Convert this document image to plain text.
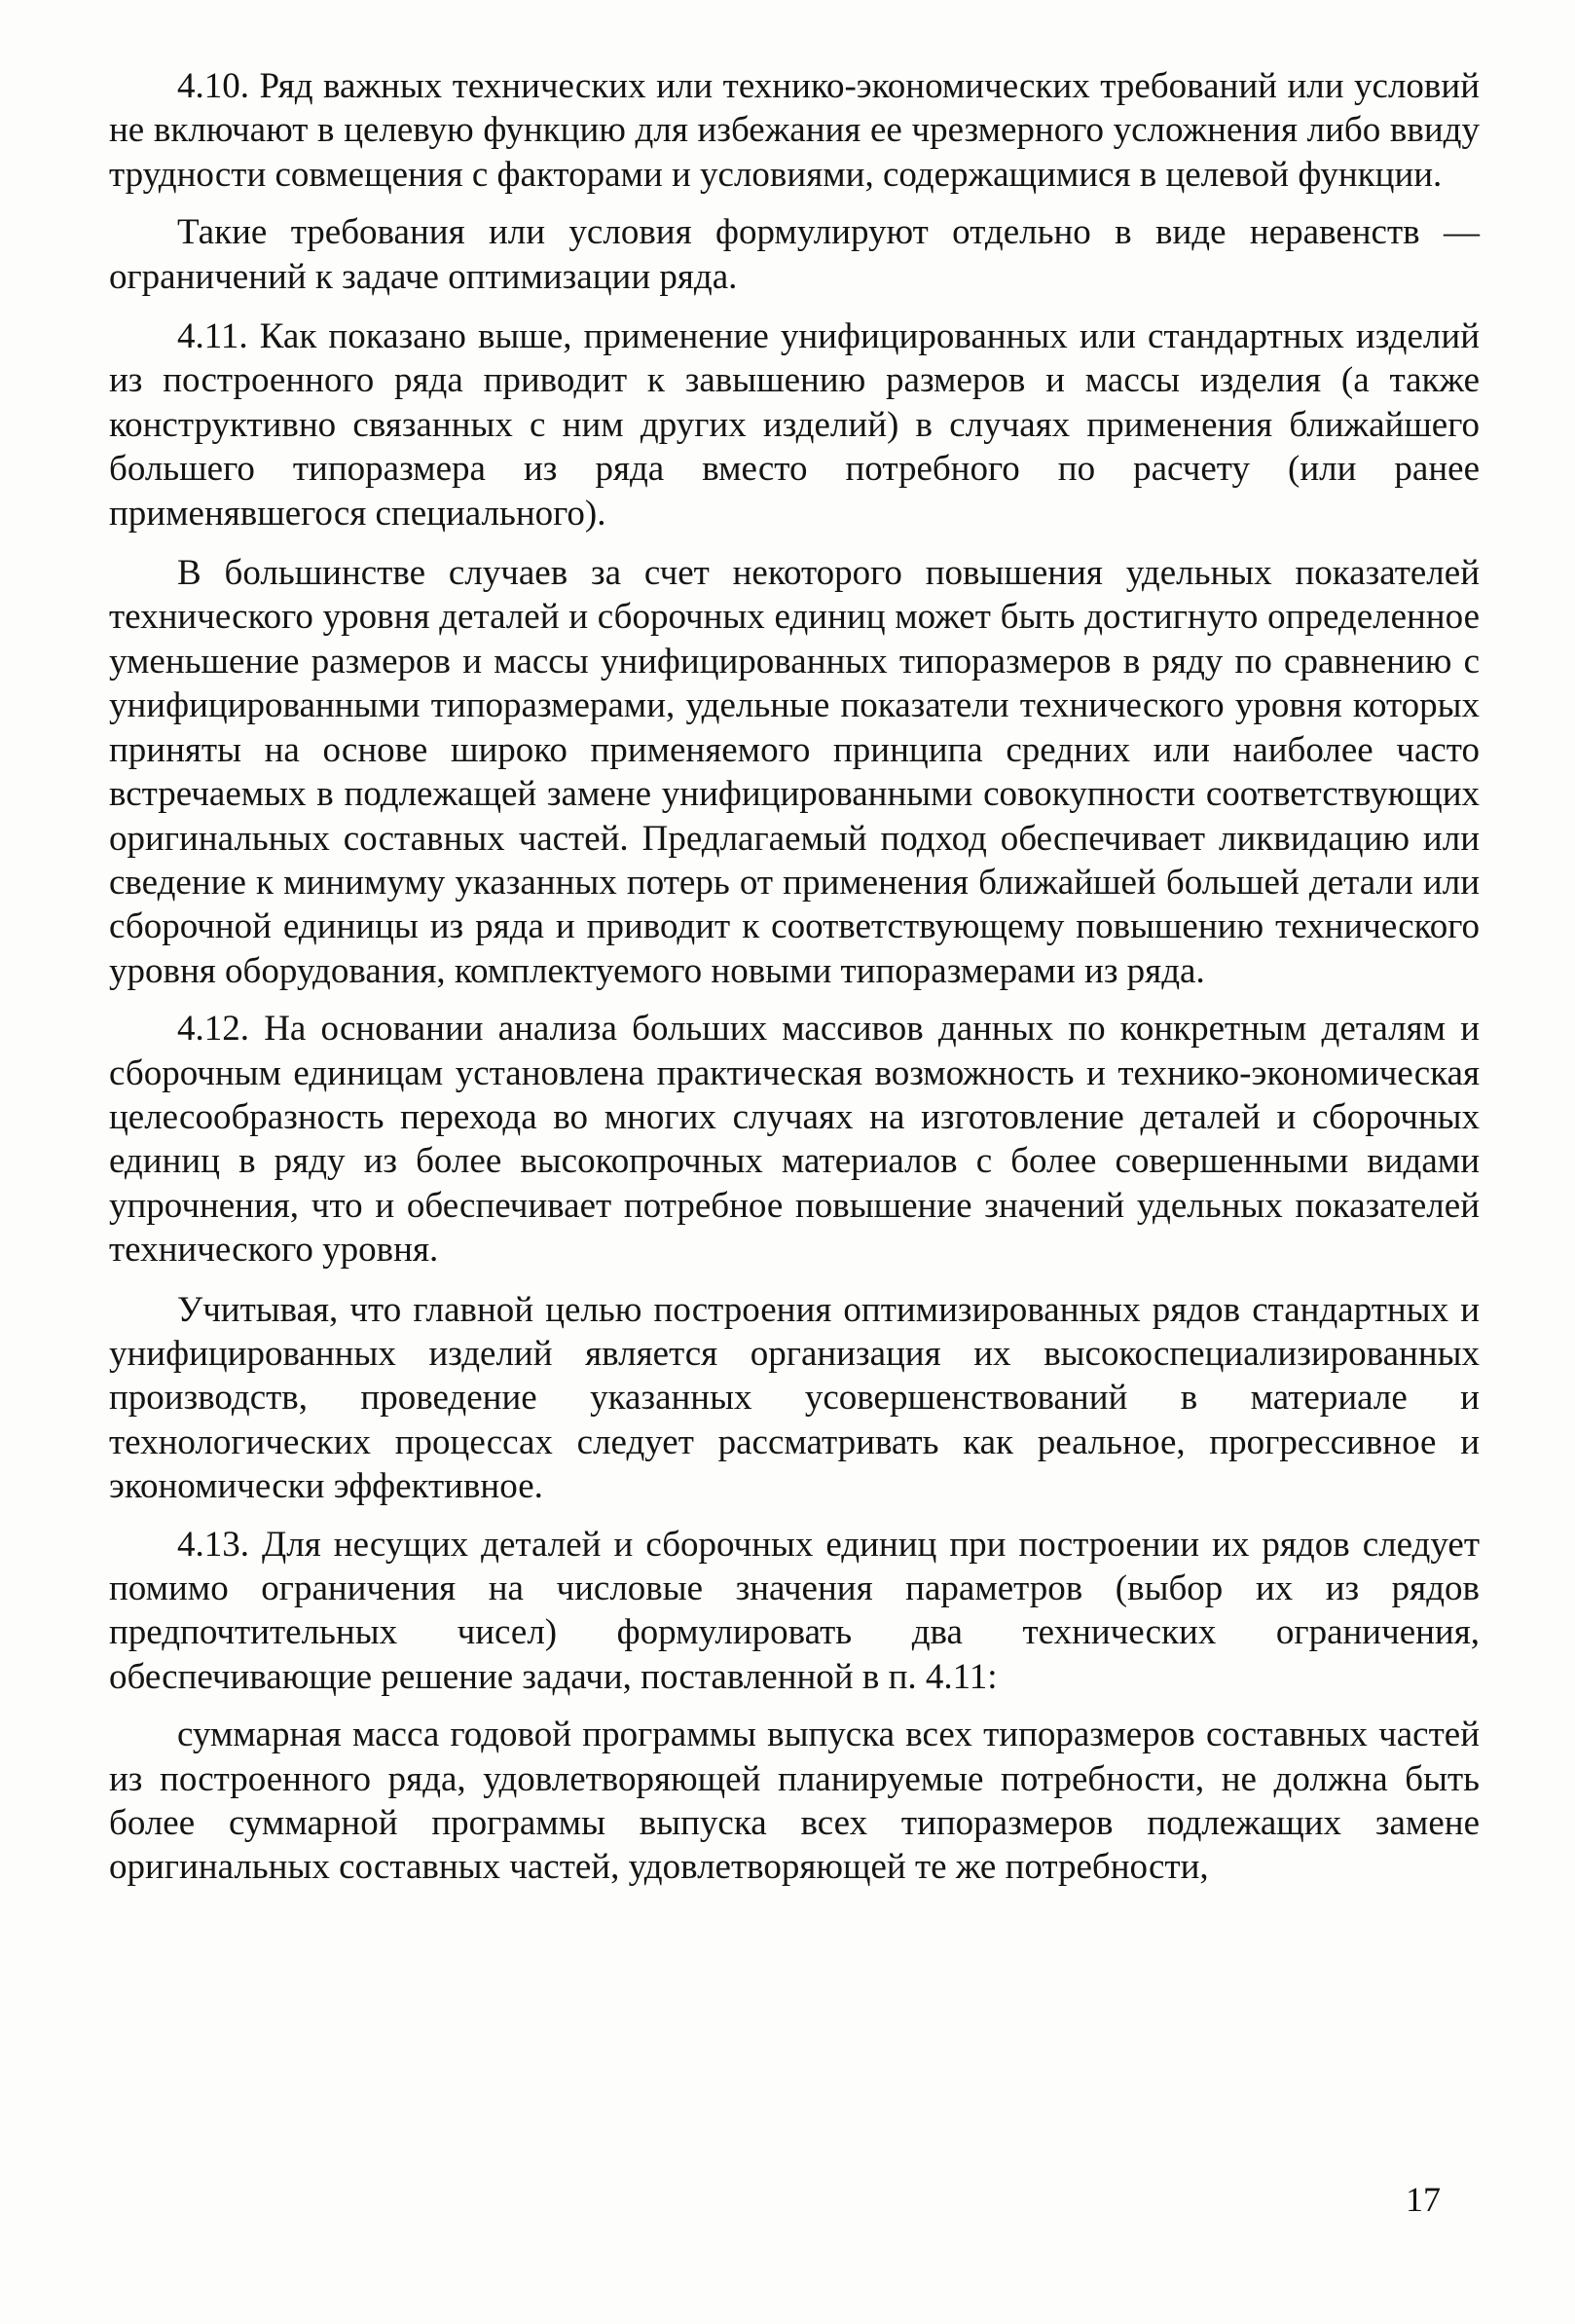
4.10. Ряд важных технических или технико-экономических требований или условий не включают в целевую функцию для избежания ее чрезмерного усложнения либо ввиду трудности совмещения с факторами и условиями, содержащимися в целевой функции.

Такие требования или условия формулируют отдельно в виде неравенств — ограничений к задаче оптимизации ряда.

4.11. Как показано выше, применение унифицированных или стандартных изделий из построенного ряда приводит к завышению размеров и массы изделия (а также конструктивно связанных с ним других изделий) в случаях применения ближайшего большего типоразмера из ряда вместо потребного по расчету (или ранее применявшегося специального).

В большинстве случаев за счет некоторого повышения удельных показателей технического уровня деталей и сборочных единиц может быть достигнуто определенное уменьшение размеров и массы унифицированных типоразмеров в ряду по сравнению с унифицированными типоразмерами, удельные показатели технического уровня которых приняты на основе широко применяемого принципа средних или наиболее часто встречаемых в подлежащей замене унифицированными совокупности соответствующих оригинальных составных частей. Предлагаемый подход обеспечивает ликвидацию или сведение к минимуму указанных потерь от применения ближайшей большей детали или сборочной единицы из ряда и приводит к соответствующему повышению технического уровня оборудования, комплектуемого новыми типоразмерами из ряда.

4.12. На основании анализа больших массивов данных по конкретным деталям и сборочным единицам установлена практическая возможность и технико-экономическая целесообразность перехода во многих случаях на изготовление деталей и сборочных единиц в ряду из более высокопрочных материалов с более совершенными видами упрочнения, что и обеспечивает потребное повышение значений удельных показателей технического уровня.

Учитывая, что главной целью построения оптимизированных рядов стандартных и унифицированных изделий является организация их высокоспециализированных производств, проведение указанных усовершенствований в материале и технологических процессах следует рассматривать как реальное, прогрессивное и экономически эффективное.

4.13. Для несущих деталей и сборочных единиц при построении их рядов следует помимо ограничения на числовые значения параметров (выбор их из рядов предпочтительных чисел) формулировать два технических ограничения, обеспечивающие решение задачи, поставленной в п. 4.11:

суммарная масса годовой программы выпуска всех типоразмеров составных частей из построенного ряда, удовлетворяющей планируемые потребности, не должна быть более суммарной программы выпуска всех типоразмеров подлежащих замене оригинальных составных частей, удовлетворяющей те же потребности,

17
